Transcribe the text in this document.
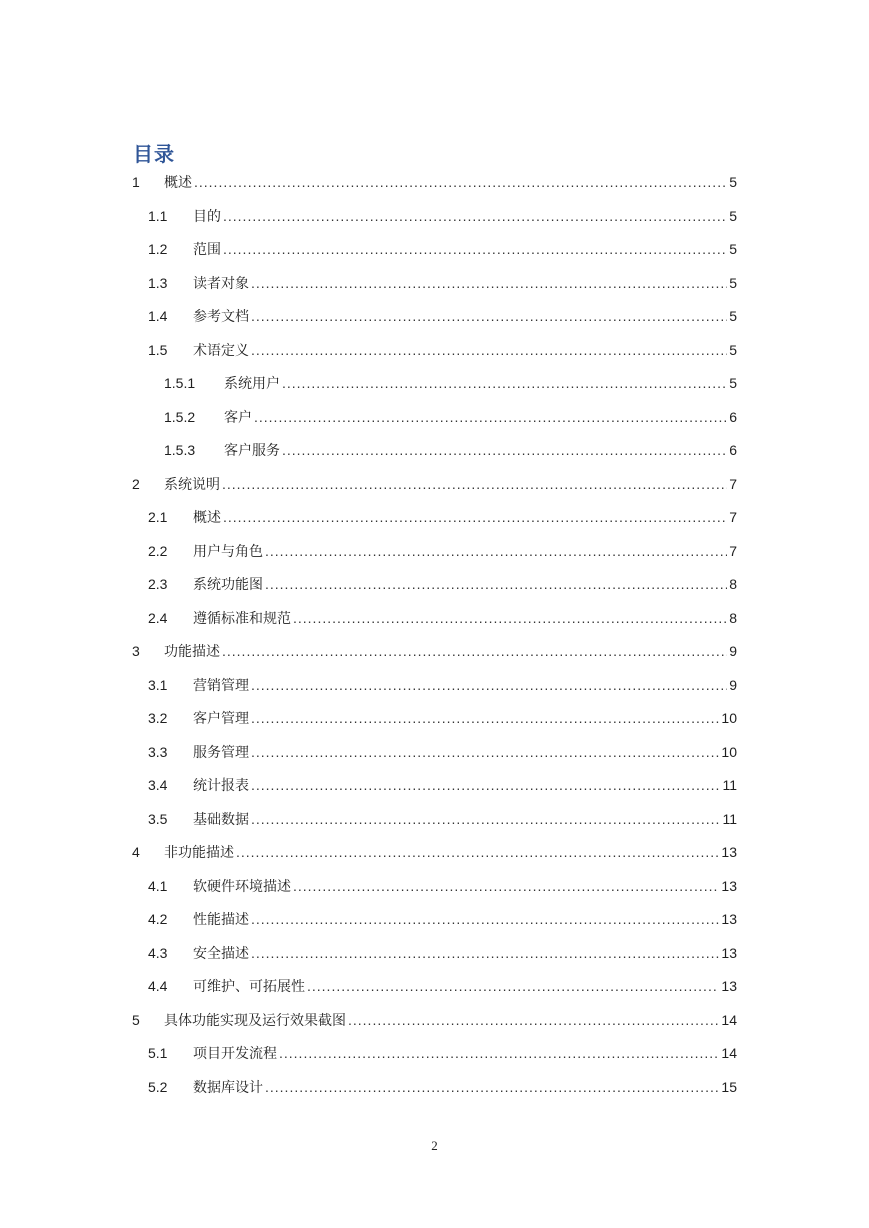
目录
1 概述 .....	5
1.1 目的 .....	5
1.2 范围 .....	5
1.3 读者对象 .....	5
1.4 参考文档 .....	5
1.5 术语定义 .....	5
1.5.1 系统用户 .....	5
1.5.2 客户 .....	6
1.5.3 客户服务 .....	6
2 系统说明 .....	7
2.1 概述 .....	7
2.2 用户与角色 .....	7
2.3 系统功能图 .....	8
2.4 遵循标准和规范 .....	8
3 功能描述 .....	9
3.1 营销管理 .....	9
3.2 客户管理 .....	10
3.3 服务管理 .....	10
3.4 统计报表 .....	11
3.5 基础数据 .....	11
4 非功能描述 .....	13
4.1 软硬件环境描述 .....	13
4.2 性能描述 .....	13
4.3 安全描述 .....	13
4.4 可维护、可拓展性 .....	13
5 具体功能实现及运行效果截图 .....	14
5.1 项目开发流程 .....	14
5.2 数据库设计 .....	15
2
